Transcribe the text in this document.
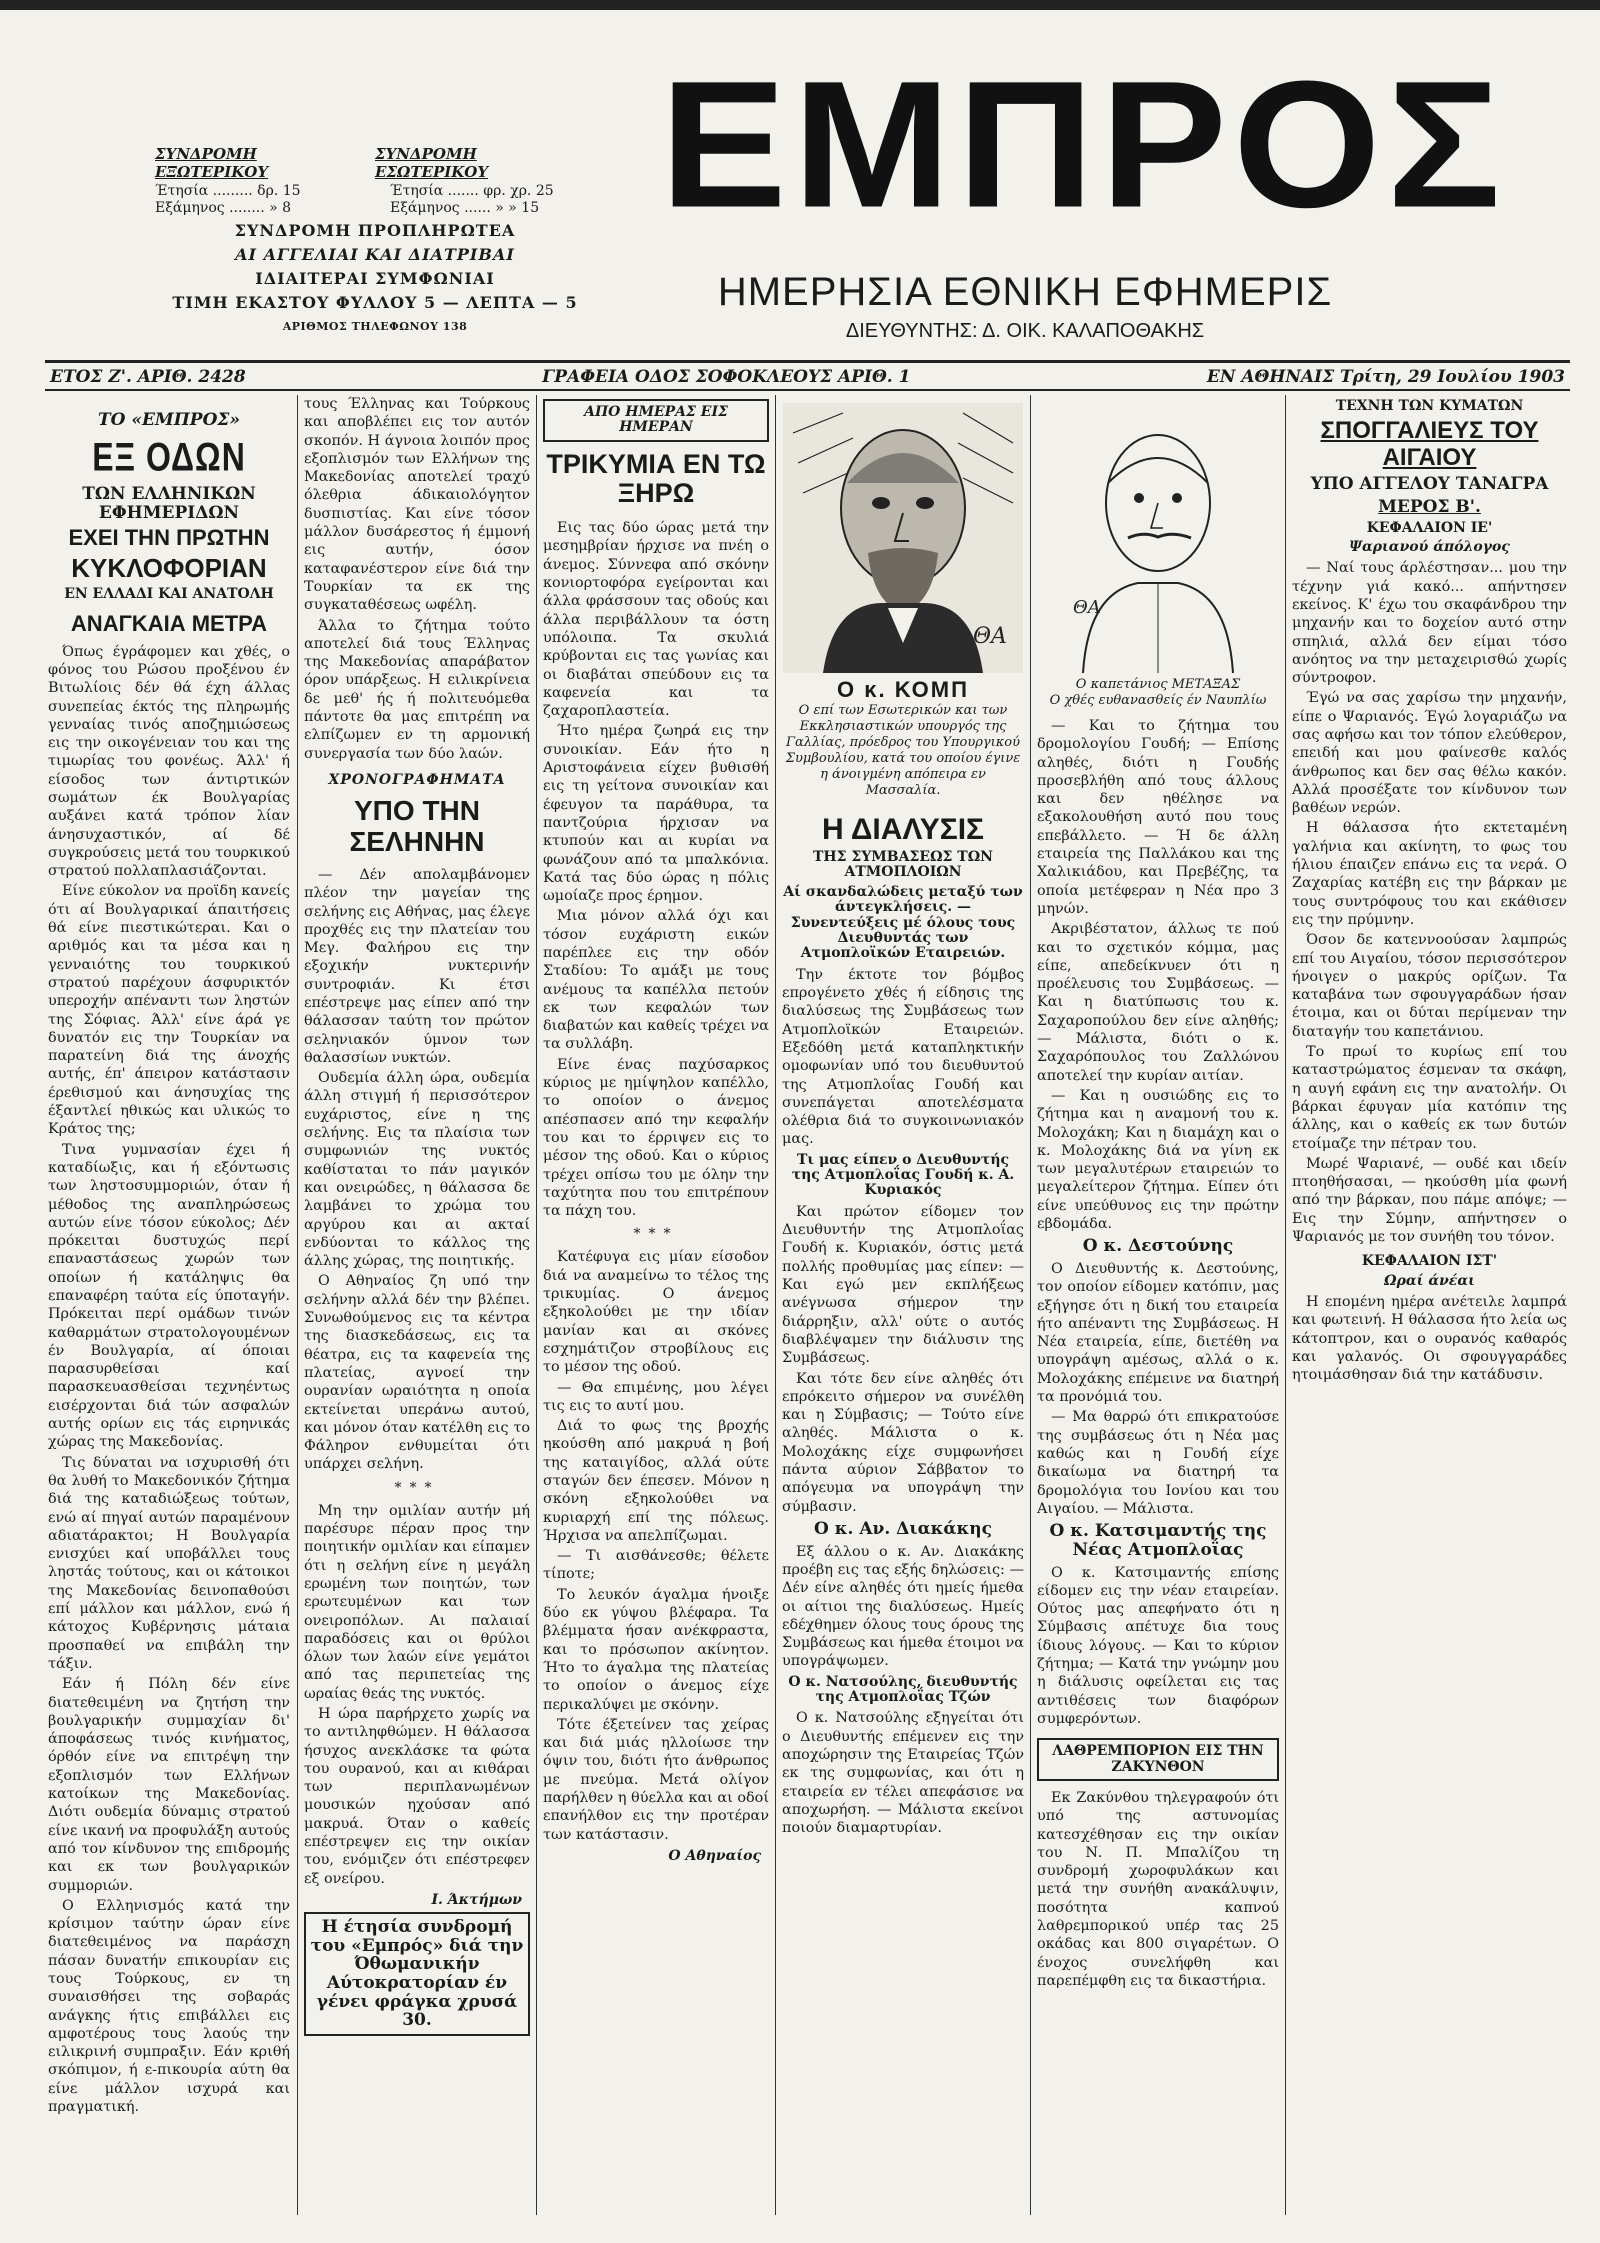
ΣΥΝΔΡΟΜΗ ΕΞΩΤΕΡΙΚΟΥ
ΣΥΝΔΡΟΜΗ ΕΣΩΤΕΡΙΚΟΥ
Έτησία ......... δρ. 15
Εξάμηνος ........ » 8
Έτησία ....... φρ. χρ. 25
Εξάμηνος ...... » » 15
ΣΥΝΔΡΟΜΗ ΠΡΟΠΛΗΡΩΤΕΑ
ΑΙ ΑΓΓΕΛΙΑΙ ΚΑΙ ΔΙΑΤΡΙΒΑΙ
ΙΔΙΑΙΤΕΡΑΙ ΣΥΜΦΩΝΙΑΙ
ΤΙΜΗ ΕΚΑΣΤΟΥ ΦΥΛΛΟΥ 5 — ΛΕΠΤΑ — 5
ΑΡΙΘΜΟΣ ΤΗΛΕΦΩΝΟΥ 138
ΕΜΠΡΟΣ
ΗΜΕΡΗΣΙΑ ΕΘΝΙΚΗ ΕΦΗΜΕΡΙΣ
ΔΙΕΥΘΥΝΤΗΣ: Δ. ΟΙΚ. ΚΑΛΑΠΟΘΑΚΗΣ
ΕΤΟΣ Ζ'. ΑΡΙΘ. 2428	ΓΡΑΦΕΙΑ ΟΔΟΣ ΣΟΦΟΚΛΕΟΥΣ ΑΡΙΘ. 1	ΕΝ ΑΘΗΝΑΙΣ Τρίτη, 29 Ιουλίου 1903
ΤΟ «ΕΜΠΡΟΣ»
ΕΞ ΟΔΩΝ
ΤΩΝ ΕΛΛΗΝΙΚΩΝ ΕΦΗΜΕΡΙΔΩΝ
ΕΧΕΙ ΤΗΝ ΠΡΩΤΗΝ
ΚΥΚΛΟΦΟΡΙΑΝ
ΕΝ ΕΛΛΑΔΙ ΚΑΙ ΑΝΑΤΟΛΗ
ΑΝΑΓΚΑΙΑ ΜΕΤΡΑ

Όπως έγράφομεν και χθές, ο φόνος του Ρώσου προξένου έν Βιτωλίοις δέν θά έχη άλλας συνεπείας έκτός της πληρωμής γενναίας τινός αποζημιώσεως εις την οικογένειαν του και της τιμωρίας του φονέως. Άλλ' ή είσοδος των άντιρτικών σωμάτων έκ Βουλγαρίας αυξάνει κατά τρόπον λίαν άνησυχαστικόν, αί δέ συγκρούσεις μετά του τουρκικού στρατού πολλαπλασιάζονται.

Είνε εύκολον να προϊδη κανείς ότι αί Βουλγαρικαί άπαιτήσεις θά είνε πιεστικώτεραι. Και ο αριθμός και τα μέσα και η γενναιότης του τουρκικού στρατού παρέχουν άσφυρικτόν υπεροχήν απέναντι των ληστών της Σόφιας. Άλλ' είνε άρά γε δυνατόν εις την Τουρκίαν να παρατείνη διά της άνοχής αυτής, έπ' άπειρον κατάστασιν έρεθισμού και άνησυχίας της έξαντλεί ηθικώς και υλικώς το Κράτος της;

Τινα γυμνασίαν έχει ή καταδίωξις, και ή εξόντωσις των ληστοσυμμοριών, όταν ή μέθοδος της αναπληρώσεως αυτών είνε τόσον εύκολος; Δέν πρόκειται δυστυχώς περί επαναστάσεως χωρών των οποίων ή κατάληψις θα επαναφέρη ταύτα είς ύποταγήν. Πρόκειται περί ομάδων τινών καθαρμάτων στρατολογουμένων έν Βουλγαρία, αί όποιαι παρασυρθείσαι καί παρασκευασθείσαι τεχνηέντως εισέρχονται διά τών ασφαλών αυτής ορίων εις τάς ειρηνικάς χώρας της Μακεδονίας.

Τις δύναται να ισχυρισθή ότι θα λυθή το Μακεδονικόν ζήτημα διά της καταδιώξεως τούτων, ενώ αί πηγαί αυτών παραμένουν αδιατάρακτοι; Η Βουλγαρία ενισχύει καί υποβάλλει τους ληστάς τούτους, και οι κάτοικοι της Μακεδονίας δεινοπαθούσι επί μάλλον και μάλλον, ενώ ή κάτοχος Κυβέρνησις μάταια προσπαθεί να επιβάλη την τάξιν.

Εάν ή Πόλη δέν είνε διατεθειμένη να ζητήση την βουλγαρικήν συμμαχίαν δι' άποφάσεως τινός κινήματος, όρθόν είνε να επιτρέψη την εξοπλισμόν των Ελλήνων κατοίκων της Μακεδονίας. Διότι ουδεμία δύναμις στρατού είνε ικανή να προφυλάξη αυτούς από τον κίνδυνον της επιδρομής και εκ των βουλγαρικών συμμοριών.

Ο Ελληνισμός κατά την κρίσιμον ταύτην ώραν είνε διατεθειμένος να παράσχη πάσαν δυνατήν επικουρίαν εις τους Τούρκους, εν τη συναισθήσει της σοβαράς ανάγκης ήτις επιβάλλει εις αμφοτέρους τους λαούς την ειλικρινή συμπραξιν. Εάν κριθή σκόπιμον, ή ε-πικουρία αύτη θα είνε μάλλον ισχυρά και πραγματική.

τους Έλληνας και Τούρκους και αποβλέπει εις τον αυτόν σκοπόν. Η άγνοια λοιπόν προς εξοπλισμόν των Ελλήνων της Μακεδονίας αποτελεί τραχύ όλεθρια άδικαιολόγητον δυσπιστίας. Και είνε τόσον μάλλον δυσάρεστος ή έμμονή εις αυτήν, όσον καταφανέστερον είνε διά την Τουρκίαν τα εκ της συγκαταθέσεως ωφέλη.

Άλλα το ζήτημα τούτο αποτελεί διά τους Έλληνας της Μακεδονίας απαράβατον όρον υπάρξεως. Η ειλικρίνεια δε μεθ' ής ή πολιτευόμεθα πάντοτε θα μας επιτρέπη να ελπίζωμεν εν τη αρμονική συνεργασία των δύο λαών.

ΧΡΟΝΟΓΡΑΦΗΜΑΤΑ
ΥΠΟ ΤΗΝ ΣΕΛΗΝΗΝ

— Δέν απολαμβάνομεν πλέον την μαγείαν της σελήνης εις Αθήνας, μας έλεγε προχθές εις την πλατείαν του Μεγ. Φαλήρου εις την εξοχικήν νυκτερινήν συντροφιάν. Κι έτσι επέστρεψε μας είπεν από την θάλασσαν ταύτη τον πρώτον σεληνιακόν ύμνον των θαλασσίων νυκτών.

Ουδεμία άλλη ώρα, ουδεμία άλλη στιγμή ή περισσότερον ευχάριστος, είνε η της σελήνης. Εις τα πλαίσια των συμφωνιών της νυκτός καθίσταται το πάν μαγικόν και ονειρώδες, η θάλασσα δε λαμβάνει το χρώμα του αργύρου και αι ακταί ενδύονται το κάλλος της άλλης χώρας, της ποιητικής.

Ο Αθηναίος ζη υπό την σελήνην αλλά δέν την βλέπει. Συνωθούμενος εις τα κέντρα της διασκεδάσεως, εις τα θέατρα, εις τα καφενεία της πλατείας, αγνοεί την ουρανίαν ωραιότητα η οποία εκτείνεται υπεράνω αυτού, και μόνον όταν κατέλθη εις το Φάληρον ενθυμείται ότι υπάρχει σελήνη.

***

Μη την ομιλίαν αυτήν μή παρέσυρε πέραν προς την ποιητικήν ομιλίαν και είπαμεν ότι η σελήνη είνε η μεγάλη ερωμένη των ποιητών, των ερωτευμένων και των ονειροπόλων. Αι παλαιαί παραδόσεις και οι θρύλοι όλων των λαών είνε γεμάτοι από τας περιπετείας της ωραίας θεάς της νυκτός.

Η ώρα παρήρχετο χωρίς να το αντιληφθώμεν. Η θάλασσα ήσυχος ανεκλάσκε τα φώτα του ουρανού, και αι κιθάραι των περιπλανωμένων μουσικών ηχούσαν από μακρυά. Όταν ο καθείς επέστρεψεν εις την οικίαν του, ενόμιζεν ότι επέστρεφεν εξ ονείρου.

Ι. Άκτήμων
Η έτησία συνδρομή του «Εμπρός» διά την Όθωμανικήν Αύτοκρατορίαν έν γένει φράγκα χρυσά 30.
ΑΠΟ ΗΜΕΡΑΣ ΕΙΣ ΗΜΕΡΑΝ
ΤΡΙΚΥΜΙΑ ΕΝ ΤΩ ΞΗΡΩ

Εις τας δύο ώρας μετά την μεσημβρίαν ήρχισε να πνέη ο άνεμος. Σύννεφα από σκόνην κονιορτοφόρα εγείρονται και άλλα φράσσουν τας οδούς και άλλα περιβάλλουν τα όστη υπόλοιπα. Τα σκυλιά κρύβονται εις τας γωνίας και οι διαβάται σπεύδουν εις τα καφενεία και τα ζαχαροπλαστεία.

Ήτο ημέρα ζωηρά εις την συνοικίαν. Εάν ήτο η Αριστοφάνεια είχεν βυθισθή εις τη γείτονα συνοικίαν και έφευγον τα παράθυρα, τα παντζούρια ήρχισαν να κτυπούν και αι κυρίαι να φωνάζουν από τα μπαλκόνια. Κατά τας δύο ώρας η πόλις ωμοίαζε προς έρημον.

Μια μόνον αλλά όχι και τόσον ευχάριστη εικών παρέπλεε εις την οδόν Σταδίου: Το αμάξι με τους ανέμους τα καπέλλα πετούν εκ των κεφαλών των διαβατών και καθείς τρέχει να τα συλλάβη.

Είνε ένας παχύσαρκος κύριος με ημίψηλον καπέλλο, το οποίον ο άνεμος απέσπασεν από την κεφαλήν του και το έρριψεν εις το μέσον της οδού. Και ο κύριος τρέχει οπίσω του με όλην την ταχύτητα που του επιτρέπουν τα πάχη του.

***

Κατέφυγα εις μίαν είσοδον διά να αναμείνω το τέλος της τρικυμίας. Ο άνεμος εξηκολούθει με την ιδίαν μανίαν και αι σκόνες εσχημάτιζον στροβίλους εις το μέσον της οδού.

— Θα επιμένης, μου λέγει τις εις το αυτί μου.

Διά το φως της βροχής ηκούσθη από μακρυά η βοή της καταιγίδος, αλλά ούτε σταγών δεν έπεσεν. Μόνον η σκόνη εξηκολούθει να κυριαρχή επί της πόλεως. Ήρχισα να απελπίζωμαι.

— Τι αισθάνεσθε; θέλετε τίποτε;

Το λευκόν άγαλμα ήνοιξε δύο εκ γύψου βλέφαρα. Τα βλέμματα ήσαν ανέκφραστα, και το πρόσωπον ακίνητον. Ήτο το άγαλμα της πλατείας το οποίον ο άνεμος είχε περικαλύψει με σκόνην.

Τότε έξετείνεν τας χείρας και διά μιάς ηλλοίωσε την όψιν του, διότι ήτο άνθρωπος με πνεύμα. Μετά ολίγον παρήλθεν η θύελλα και αι οδοί επανήλθον εις την προτέραν των κατάστασιν.

Ο Αθηναίος
ΘΑ
Ο κ. ΚΟΜΠ
Ο επί των Εσωτερικών και των Εκκλησιαστικών υπουργός της Γαλλίας, πρόεδρος του Υπουργικού Συμβουλίου, κατά του οποίου έγινε η άνοιγμένη απόπειρα εν Μασσαλία.
Η ΔΙΑΛΥΣΙΣ
ΤΗΣ ΣΥΜΒΑΣΕΩΣ ΤΩΝ ΑΤΜΟΠΛΟΙΩΝ
Αί σκανδαλώδεις μεταξύ των άντεγκλήσεις. — Συνεντεύξεις μέ όλους τους Διευθυντάς των Ατμοπλοϊκών Εταιρειών.

Την έκτοτε τον βόμβος επρογένετο χθές ή είδησις της διαλύσεως της Συμβάσεως των Ατμοπλοϊκών Εταιρειών. Εξεδόθη μετά καταπληκτικήν ομοφωνίαν υπό του διευθυντού της Ατμοπλοΐας Γουδή και συνεπάγεται αποτελέσματα ολέθρια διά το συγκοινωνιακόν μας.

Τι μας είπεν ο Διευθυντής της Ατμοπλοΐας Γουδή κ. Α. Κυριακός

Και πρώτον είδομεν τον Διευθυντήν της Ατμοπλοΐας Γουδή κ. Κυριακόν, όστις μετά πολλής προθυμίας μας είπεν: — Και εγώ μεν εκπλήξεως ανέγνωσα σήμερον την διάρρηξιν, αλλ' ούτε ο αυτός διαβλέψαμεν την διάλυσιν της Συμβάσεως.

Και τότε δεν είνε αληθές ότι επρόκειτο σήμερον να συνέλθη και η Σύμβασις; — Τούτο είνε αληθές. Μάλιστα ο κ. Μολοχάκης είχε συμφωνήσει πάντα αύριον Σάββατον το απόγευμα να υπογράψη την σύμβασιν.

Ο κ. Αν. Διακάκης

Εξ άλλου ο κ. Αν. Διακάκης προέβη εις τας εξής δηλώσεις: — Δέν είνε αληθές ότι ημείς ήμεθα οι αίτιοι της διαλύσεως. Ημείς εδέχθημεν όλους τους όρους της Συμβάσεως και ήμεθα έτοιμοι να υπογράψωμεν.

Ο κ. Νατσούλης, διευθυντής της Ατμοπλοΐας Τζών

Ο κ. Νατσούλης εξηγείται ότι ο Διευθυντής επέμενεν εις την αποχώρησιν της Εταιρείας Τζών εκ της συμφωνίας, και ότι η εταιρεία εν τέλει απεφάσισε να αποχωρήση. — Μάλιστα εκείνοι ποιούν διαμαρτυρίαν.

ΘΑ
Ο καπετάνιος ΜΕΤΑΞΑΣ
Ο χθές ευθανασθείς έν Ναυπλίω

— Και το ζήτημα του δρομολογίου Γουδή; — Επίσης αληθές, διότι η Γουδής προσεβλήθη από τους άλλους και δεν ηθέλησε να εξακολουθήση αυτό που τους επεβάλλετο. — Ή δε άλλη εταιρεία της Παλλάκου και της Χαλικιάδου, και Πρεβέζης, τα οποία μετέφεραν η Νέα προ 3 μηνών.

Ακριβέστατον, άλλως τε πού και το σχετικόν κόμμα, μας είπε, απεδείκνυεν ότι η προέλευσις του Συμβάσεως. — Και η διατύπωσις του κ. Σαχαροπούλου δεν είνε αληθής; — Μάλιστα, διότι ο κ. Σαχαρόπουλος του Ζαλλώνου αποτελεί την κυρίαν αιτίαν.

— Και η ουσιώδης εις το ζήτημα και η αναμονή του κ. Μολοχάκη; Και η διαμάχη και ο κ. Μολοχάκης διά να γίνη εκ των μεγαλυτέρων εταιρειών το μεγαλείτερον ζήτημα. Είπεν ότι είνε υπεύθυνος εις την πρώτην εβδομάδα.

Ο κ. Δεστούνης

Ο Διευθυντής κ. Δεστούνης, τον οποίον είδομεν κατόπιν, μας εξήγησε ότι η δική του εταιρεία ήτο απέναντι της Συμβάσεως. Η Νέα εταιρεία, είπε, διετέθη να υπογράψη αμέσως, αλλά ο κ. Μολοχάκης επέμεινε να διατηρή τα προνόμιά του.

— Μα θαρρώ ότι επικρατούσε της συμβάσεως ότι η Νέα μας καθώς και η Γουδή είχε δικαίωμα να διατηρή τα δρομολόγια του Ιονίου και του Αιγαίου. — Μάλιστα.

Ο κ. Κατσιμαντής της Νέας Ατμοπλοΐας

Ο κ. Κατσιμαντής επίσης είδομεν εις την νέαν εταιρείαν. Ούτος μας απεφήνατο ότι η Σύμβασις απέτυχε δια τους ίδιους λόγους. — Και το κύριον ζήτημα; — Κατά την γνώμην μου η διάλυσις οφείλεται εις τας αντιθέσεις των διαφόρων συμφερόντων.

ΛΑΘΡΕΜΠΟΡΙΟΝ ΕΙΣ ΤΗΝ ΖΑΚΥΝΘΟΝ

Εκ Ζακύνθου τηλεγραφούν ότι υπό της αστυνομίας κατεσχέθησαν εις την οικίαν του Ν. Π. Μπαλίζου τη συνδρομή χωροφυλάκων και μετά την συνήθη ανακάλυψιν, ποσότητα καπνού λαθρεμπορικού υπέρ τας 25 οκάδας και 800 σιγαρέτων. Ο ένοχος συνελήφθη και παρεπέμφθη εις τα δικαστήρια.

ΤΕΧΝΗ ΤΩΝ ΚΥΜΑΤΩΝ
ΣΠΟΓΓΑΛΙΕΥΣ ΤΟΥ ΑΙΓΑΙΟΥ
ΥΠΟ ΑΓΓΕΛΟΥ ΤΑΝΑΓΡΑ
ΜΕΡΟΣ Β'.
ΚΕΦΑΛΑΙΟΝ ΙΕ'
Ψαριανού άπόλογος

— Ναί τους άρλέστησαν... μου την τέχνην γιά κακό... απήντησεν εκείνος. Κ' έχω του σκαφάνδρου την μηχανήν και το δοχείον αυτό στην σπηλιά, αλλά δεν είμαι τόσο ανόητος να την μεταχειρισθώ χωρίς σύντροφον.

Έγώ να σας χαρίσω την μηχανήν, είπε ο Ψαριανός. Έγώ λογαριάζω να σας αφήσω και τον τόπον ελεύθερον, επειδή και μου φαίνεσθε καλός άνθρωπος και δεν σας θέλω κακόν. Αλλά προσέξατε τον κίνδυνον των βαθέων νερών.

Η θάλασσα ήτο εκτεταμένη γαλήνια και ακίνητη, το φως του ήλιου έπαιζεν επάνω εις τα νερά. Ο Ζαχαρίας κατέβη εις την βάρκαν με τους συντρόφους του και εκάθισεν εις την πρύμνην.

Όσον δε κατεννοούσαν λαμπρώς επί του Αιγαίου, τόσον περισσότερον ήνοιγεν ο μακρύς ορίζων. Τα καταβάνα των σφουγγαράδων ήσαν έτοιμα, και οι δύται περίμεναν την διαταγήν του καπετάνιου.

Το πρωί το κυρίως επί του καταστρώματος έσμεναν τα σκάφη, η αυγή εφάνη εις την ανατολήν. Οι βάρκαι έφυγαν μία κατόπιν της άλλης, και ο καθείς εκ των δυτών ετοίμαζε την πέτραν του.

Μωρέ Ψαριανέ, — ουδέ και ιδείν πτοηθήσασαι, — ηκούσθη μία φωνή από την βάρκαν, που πάμε απόψε; — Εις την Σύμην, απήντησεν ο Ψαριανός με τον συνήθη του τόνον.

ΚΕΦΑΛΑΙΟΝ ΙΣΤ'
Ωραί άνέαι

Η επομένη ημέρα ανέτειλε λαμπρά και φωτεινή. Η θάλασσα ήτο λεία ως κάτοπτρον, και ο ουρανός καθαρός και γαλανός. Οι σφουγγαράδες ητοιμάσθησαν διά την κατάδυσιν.
